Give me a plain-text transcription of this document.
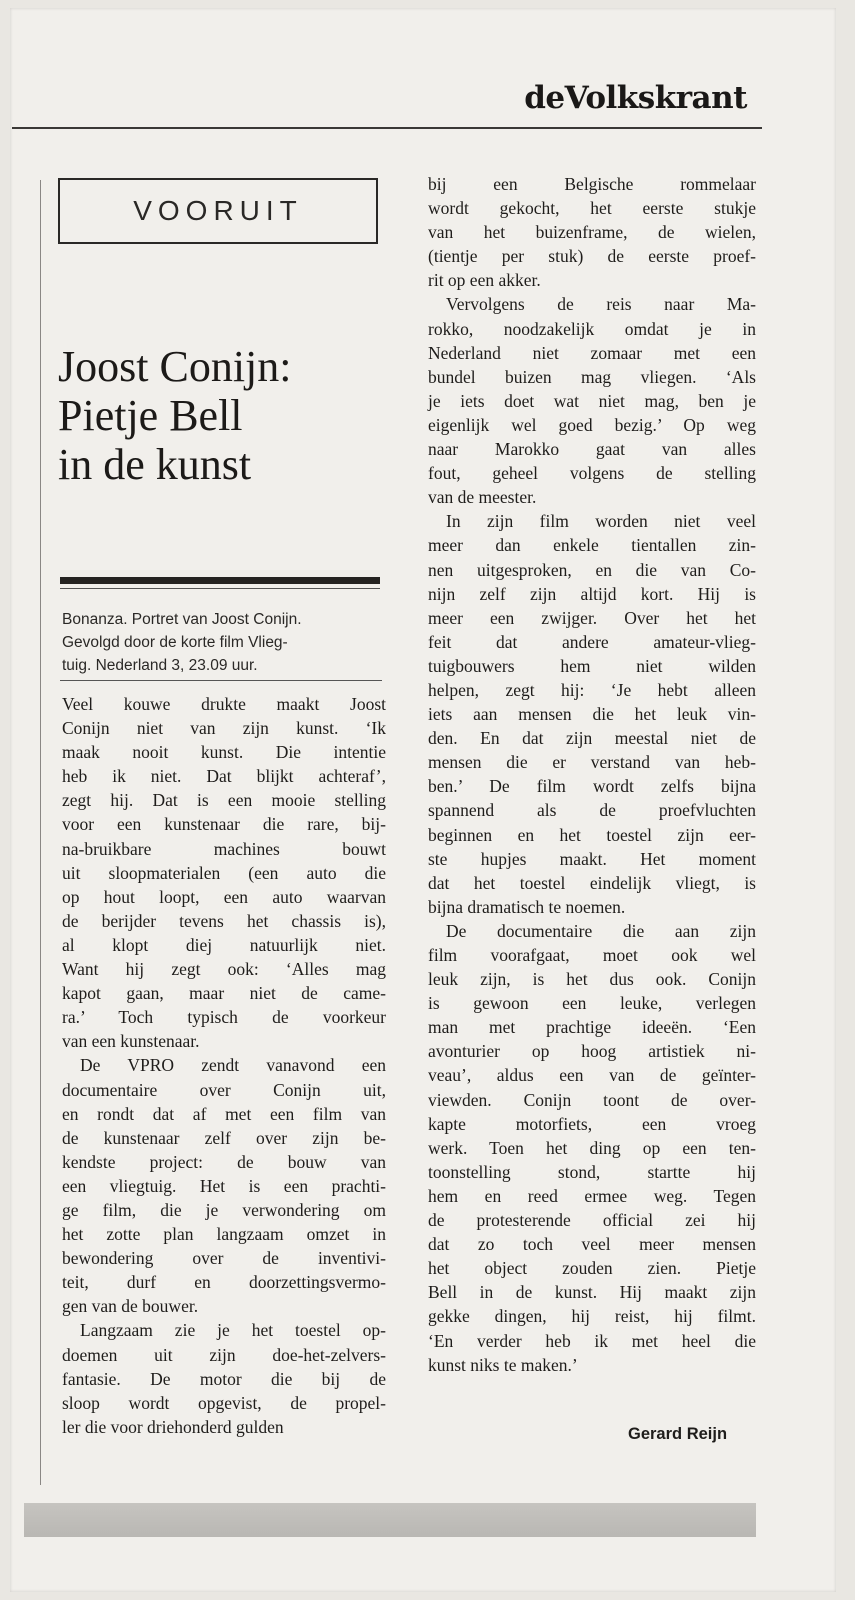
deVolkskrant
VOORUIT
Joost Conijn:
Pietje Bell
in de kunst
Bonanza. Portret van Joost Conijn.
Gevolgd door de korte film Vlieg-
tuig. Nederland 3, 23.09 uur.
Veel kouwe drukte maakt Joost
Conijn niet van zijn kunst. ‘Ik
maak nooit kunst. Die intentie
heb ik niet. Dat blijkt achteraf’,
zegt hij. Dat is een mooie stelling
voor een kunstenaar die rare, bij-
na-bruikbare machines bouwt
uit sloopmaterialen (een auto die
op hout loopt, een auto waarvan
de berijder tevens het chassis is),
al klopt diej natuurlijk niet.
Want hij zegt ook: ‘Alles mag
kapot gaan, maar niet de came-
ra.’ Toch typisch de voorkeur
van een kunstenaar.
De VPRO zendt vanavond een
documentaire over Conijn uit,
en rondt dat af met een film van
de kunstenaar zelf over zijn be-
kendste project: de bouw van
een vliegtuig. Het is een prachti-
ge film, die je verwondering om
het zotte plan langzaam omzet in
bewondering over de inventivi-
teit, durf en doorzettingsvermo-
gen van de bouwer.
Langzaam zie je het toestel op-
doemen uit zijn doe-het-zelvers-
fantasie. De motor die bij de
sloop wordt opgevist, de propel-
ler die voor driehonderd gulden
bij een Belgische rommelaar
wordt gekocht, het eerste stukje
van het buizenframe, de wielen,
(tientje per stuk) de eerste proef-
rit op een akker.
Vervolgens de reis naar Ma-
rokko, noodzakelijk omdat je in
Nederland niet zomaar met een
bundel buizen mag vliegen. ‘Als
je iets doet wat niet mag, ben je
eigenlijk wel goed bezig.’ Op weg
naar Marokko gaat van alles
fout, geheel volgens de stelling
van de meester.
In zijn film worden niet veel
meer dan enkele tientallen zin-
nen uitgesproken, en die van Co-
nijn zelf zijn altijd kort. Hij is
meer een zwijger. Over het het
feit dat andere amateur-vlieg-
tuigbouwers hem niet wilden
helpen, zegt hij: ‘Je hebt alleen
iets aan mensen die het leuk vin-
den. En dat zijn meestal niet de
mensen die er verstand van heb-
ben.’ De film wordt zelfs bijna
spannend als de proefvluchten
beginnen en het toestel zijn eer-
ste hupjes maakt. Het moment
dat het toestel eindelijk vliegt, is
bijna dramatisch te noemen.
De documentaire die aan zijn
film voorafgaat, moet ook wel
leuk zijn, is het dus ook. Conijn
is gewoon een leuke, verlegen
man met prachtige ideeën. ‘Een
avonturier op hoog artistiek ni-
veau’, aldus een van de geïnter-
viewden. Conijn toont de over-
kapte motorfiets, een vroeg
werk. Toen het ding op een ten-
toonstelling stond, startte hij
hem en reed ermee weg. Tegen
de protesterende official zei hij
dat zo toch veel meer mensen
het object zouden zien. Pietje
Bell in de kunst. Hij maakt zijn
gekke dingen, hij reist, hij filmt.
‘En verder heb ik met heel die
kunst niks te maken.’
Gerard Reijn
